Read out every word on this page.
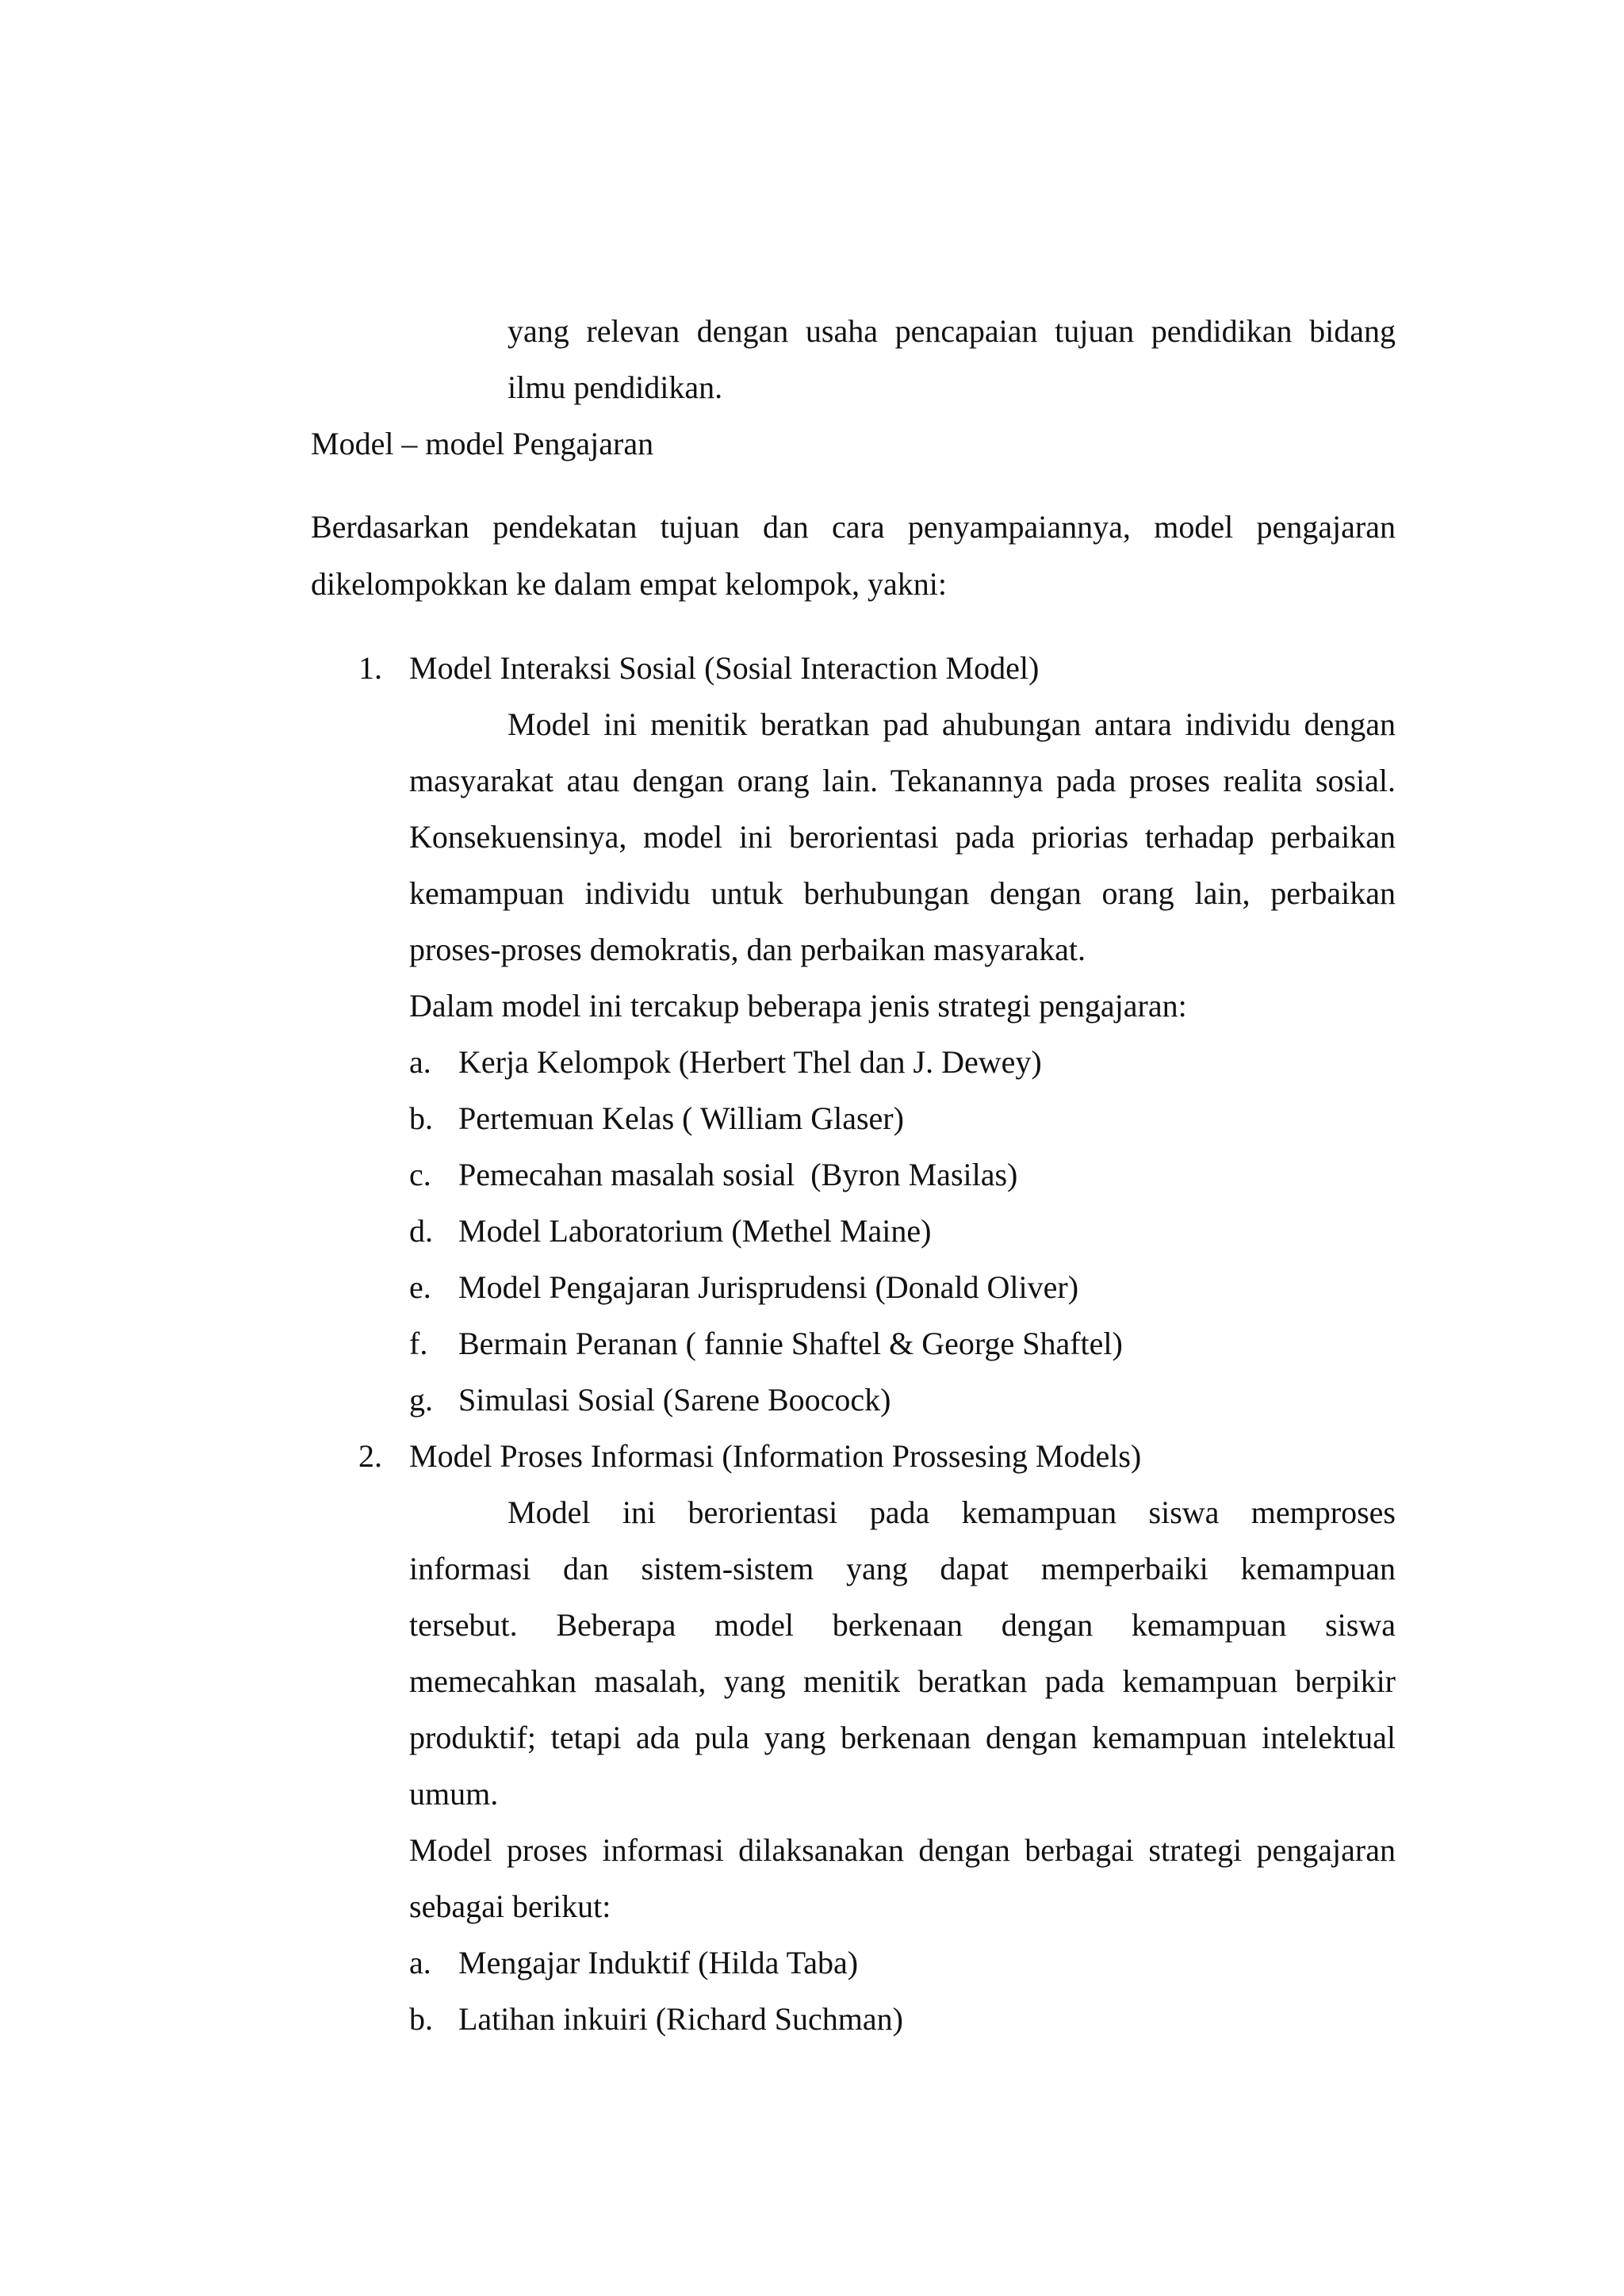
yang relevan dengan usaha pencapaian tujuan pendidikan bidang
ilmu pendidikan.
Model – model Pengajaran
Berdasarkan pendekatan tujuan dan cara penyampaiannya, model pengajaran
dikelompokkan ke dalam empat kelompok, yakni:
1. Model Interaksi Sosial (Sosial Interaction Model)
Model ini menitik beratkan pad ahubungan antara individu dengan
masyarakat atau dengan orang lain. Tekanannya pada proses realita sosial.
Konsekuensinya, model ini berorientasi pada priorias terhadap perbaikan
kemampuan individu untuk berhubungan dengan orang lain, perbaikan
proses-proses demokratis, dan perbaikan masyarakat.
Dalam model ini tercakup beberapa jenis strategi pengajaran:
a. Kerja Kelompok (Herbert Thel dan J. Dewey)
b. Pertemuan Kelas ( William Glaser)
c. Pemecahan masalah sosial  (Byron Masilas)
d. Model Laboratorium (Methel Maine)
e. Model Pengajaran Jurisprudensi (Donald Oliver)
f. Bermain Peranan ( fannie Shaftel & George Shaftel)
g. Simulasi Sosial (Sarene Boocock)
2. Model Proses Informasi (Information Prossesing Models)
Model ini berorientasi pada kemampuan siswa memproses
informasi dan sistem-sistem yang dapat memperbaiki kemampuan
tersebut. Beberapa model berkenaan dengan kemampuan siswa
memecahkan masalah, yang menitik beratkan pada kemampuan berpikir
produktif; tetapi ada pula yang berkenaan dengan kemampuan intelektual
umum.
Model proses informasi dilaksanakan dengan berbagai strategi pengajaran
sebagai berikut:
a. Mengajar Induktif (Hilda Taba)
b. Latihan inkuiri (Richard Suchman)
